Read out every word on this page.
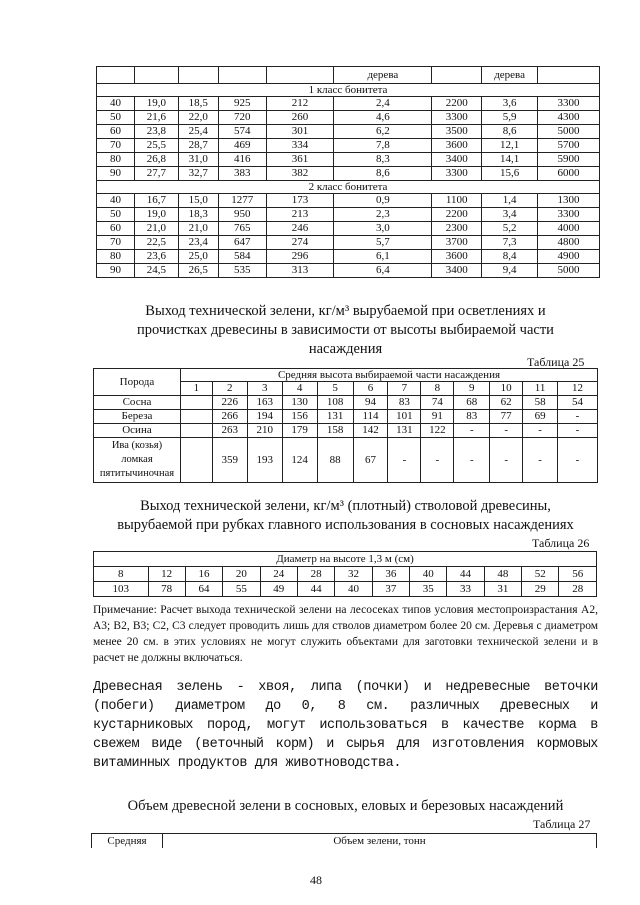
					дерева		дерева	
1 класс бонитета								
40	19,0	18,5	925	212	2,4	2200	3,6	3300
50	21,6	22,0	720	260	4,6	3300	5,9	4300
60	23,8	25,4	574	301	6,2	3500	8,6	5000
70	25,5	28,7	469	334	7,8	3600	12,1	5700
80	26,8	31,0	416	361	8,3	3400	14,1	5900
90	27,7	32,7	383	382	8,6	3300	15,6	6000
2 класс бонитета								
40	16,7	15,0	1277	173	0,9	1100	1,4	1300
50	19,0	18,3	950	213	2,3	2200	3,4	3300
60	21,0	21,0	765	246	3,0	2300	5,2	4000
70	22,5	23,4	647	274	5,7	3700	7,3	4800
80	23,6	25,0	584	296	6,1	3600	8,4	4900
90	24,5	26,5	535	313	6,4	3400	9,4	5000
Выход технической зелени, кг/м³ вырубаемой при осветлениях и
прочистках древесины в зависимости от высоты выбираемой части
насаждения
Таблица 25
Порода	Средняя высота выбираемой части насаждения											
	1	2	3	4	5	6	7	8	9	10	11	12
Сосна		226	163	130	108	94	83	74	68	62	58	54
Береза		266	194	156	131	114	101	91	83	77	69	-
Осина		263	210	179	158	142	131	122	-	-	-	-

Ива (козья)
ломкая
пятитычиночная		359	193	124	88	67	-	-	-	-	-	-
Выход технической зелени, кг/м³ (плотный) стволовой древесины,
вырубаемой при рубках главного использования в сосновых насаждениях
Таблица 26
Диаметр на высоте 1,3 м (см)												
8	12	16	20	24	28	32	36	40	44	48	52	56
103	78	64	55	49	44	40	37	35	33	31	29	28
Примечание: Расчет выхода технической зелени на лесосеках типов условия местопроизрастания А2, А3; В2, В3; С2, С3 следует проводить лишь для стволов диаметром более 20 см. Деревья с диаметром менее 20 см. в этих условиях не могут служить объектами для заготовки технической зелени и в расчет не должны включаться.
Древесная зелень - хвоя, липа (почки) и недревесные веточки (побеги) диаметром до 0, 8 см. различных древесных и кустарниковых пород, могут использоваться в качестве корма в свежем виде (веточный корм) и сырья для изготовления кормовых витаминных продуктов для животноводства.
Объем древесной зелени в сосновых, еловых и березовых насаждений
Таблица 27
Средняя	Объем зелени, тонн
48
